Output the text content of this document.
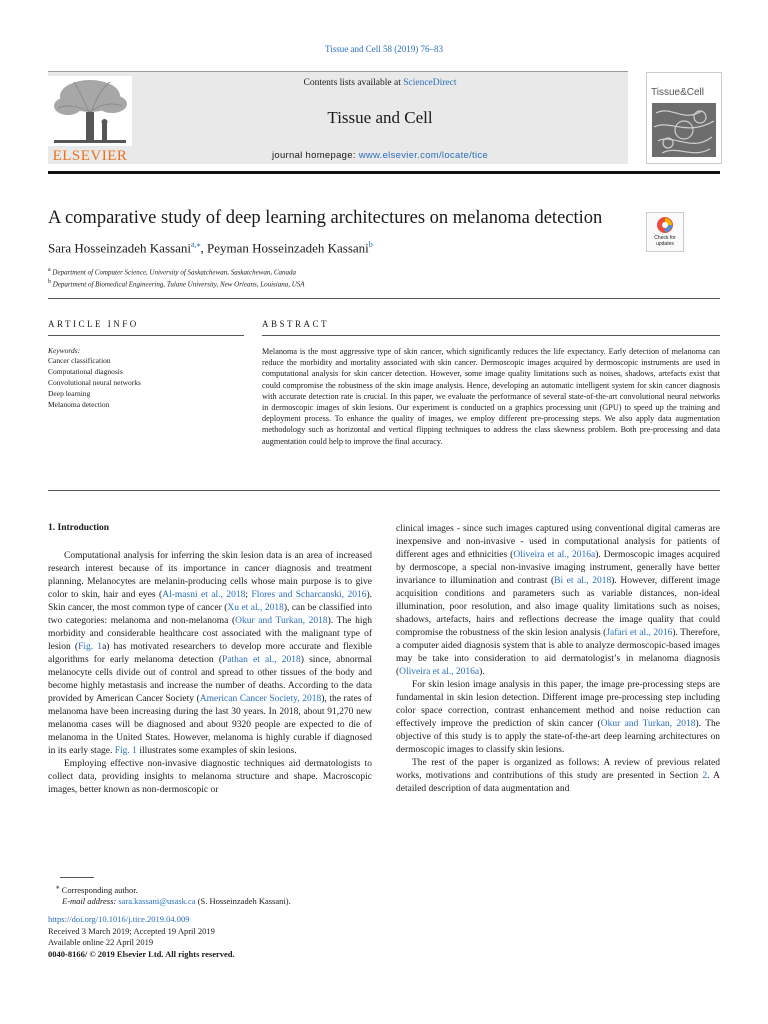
Tissue and Cell 58 (2019) 76–83
ELSEVIER
Contents lists available at ScienceDirect
Tissue and Cell
journal homepage: www.elsevier.com/locate/tice
Tissue&Cell
A comparative study of deep learning architectures on melanoma detection
Check for updates
Sara Hosseinzadeh Kassani$^{a,⁎}$, Peyman Hosseinzadeh Kassani$^b$
$^a$ Department of Computer Science, University of Saskatchewan, Saskatchewan, Canada
$^b$ Department of Biomedical Engineering, Tulane University, New Orleans, Louisiana, USA
ARTICLE INFO	ABSTRACT
Keywords:
Cancer classification
Computational diagnosis
Convolutional neural networks
Deep learning
Melanoma detection
Melanoma is the most aggressive type of skin cancer, which significantly reduces the life expectancy. Early detection of melanoma can reduce the morbidity and mortality associated with skin cancer. Dermoscopic images acquired by dermoscopic instruments are used in computational analysis for skin cancer detection. However, some image quality limitations such as noises, shadows, artefacts exist that could compromise the robustness of the skin image analysis. Hence, developing an automatic intelligent system for skin cancer diagnosis with accurate detection rate is crucial. In this paper, we evaluate the performance of several state-of-the-art convolutional neural networks in dermoscopic images of skin lesions. Our experiment is conducted on a graphics processing unit (GPU) to speed up the training and deployment process. To enhance the quality of images, we employ different pre-processing steps. We also apply data augmentation methodology such as horizontal and vertical flipping techniques to address the class skewness problem. Both pre-processing and data augmentation could help to improve the final accuracy.
1. Introduction

Computational analysis for inferring the skin lesion data is an area of increased research interest because of its importance in cancer diagnosis and treatment planning. Melanocytes are melanin-producing cells whose main purpose is to give color to skin, hair and eyes (Al-masni et al., 2018; Flores and Scharcanski, 2016). Skin cancer, the most common type of cancer (Xu et al., 2018), can be classified into two categories: melanoma and non-melanoma (Okur and Turkan, 2018). The high morbidity and considerable healthcare cost associated with the malignant type of lesion (Fig. 1a) has motivated researchers to develop more accurate and flexible algorithms for early melanoma detection (Pathan et al., 2018) since, abnormal melanocyte cells divide out of control and spread to other tissues of the body and become highly metastasis and increase the number of deaths. According to the data provided by American Cancer Society (American Cancer Society, 2018), the rates of melanoma have been increasing during the last 30 years. In 2018, about 91,270 new melanoma cases will be diagnosed and about 9320 people are expected to die of melanoma in the United States. However, melanoma is highly curable if diagnosed in its early stage. Fig. 1 illustrates some examples of skin lesions.

Employing effective non-invasive diagnostic techniques aid dermatologists to collect data, providing insights to melanoma structure and shape. Macroscopic images, better known as non-dermoscopic or

clinical images - since such images captured using conventional digital cameras are inexpensive and non-invasive - used in computational analysis for patients of different ages and ethnicities (Oliveira et al., 2016a). Dermoscopic images acquired by dermoscope, a special non-invasive imaging instrument, generally have better invariance to illumination and contrast (Bi et al., 2018). However, different image acquisition conditions and parameters such as variable distances, non-ideal illumination, poor resolution, and also image quality limitations such as noises, shadows, artefacts, hairs and reflections decrease the image quality that could compromise the robustness of the skin lesion analysis (Jafari et al., 2016). Therefore, a computer aided diagnosis system that is able to analyze dermoscopic-based images may be take into consideration to aid dermatologist’s in melanoma diagnosis (Oliveira et al., 2016a).

For skin lesion image analysis in this paper, the image pre-processing steps are fundamental in skin lesion detection. Different image pre-processing step including color space correction, contrast enhancement method and noise reduction can effectively improve the prediction of skin cancer (Okur and Turkan, 2018). The objective of this study is to apply the state-of-the-art deep learning architectures on dermoscopic images to classify skin lesions.

The rest of the paper is organized as follows: A review of previous related works, motivations and contributions of this study are presented in Section 2. A detailed description of data augmentation and

⁎ Corresponding author.
E-mail address: sara.kassani@usask.ca (S. Hosseinzadeh Kassani).
https://doi.org/10.1016/j.tice.2019.04.009
Received 3 March 2019; Accepted 19 April 2019
Available online 22 April 2019
0040-8166/ © 2019 Elsevier Ltd. All rights reserved.
